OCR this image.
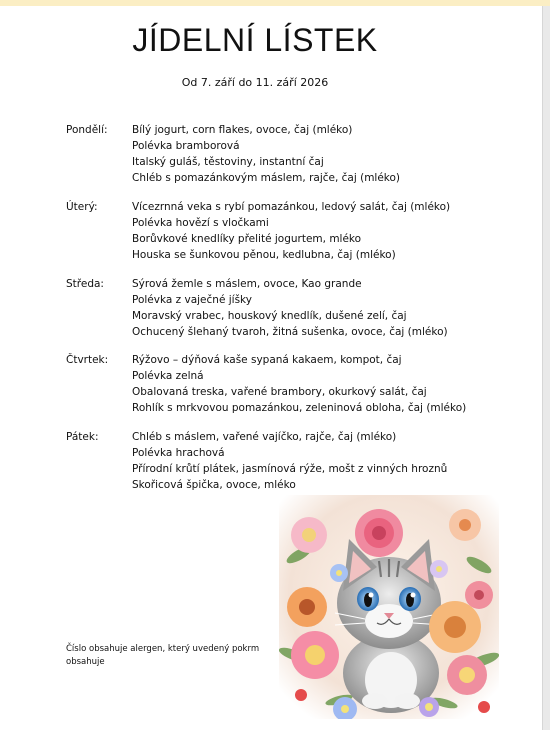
JÍDELNÍ LÍSTEK
Od 7. září do 11. září 2026
Pondělí:	Bílý jogurt, corn flakes, ovoce, čaj (mléko)
Polévka bramborová
Italský guláš, těstoviny, instantní čaj
Chléb s pomazánkovým máslem, rajče, čaj (mléko)
Úterý:	Vícezrnná veka s rybí pomazánkou, ledový salát, čaj (mléko)
Polévka hovězí s vločkami
Borůvkové knedlíky přelité jogurtem, mléko
Houska se šunkovou pěnou, kedlubna, čaj (mléko)
Středa:	Sýrová žemle s máslem, ovoce, Kao grande
Polévka z vaječné jíšky
Moravský vrabec, houskový knedlík, dušené zelí, čaj
Ochucený šlehaný tvaroh, žitná sušenka, ovoce, čaj (mléko)
Čtvrtek:	Rýžovo – dýňová kaše sypaná kakaem, kompot, čaj
Polévka zelná
Obalovaná treska, vařené brambory, okurkový salát, čaj
Rohlík s mrkvovou pomazánkou, zeleninová obloha, čaj (mléko)
Pátek:	Chléb s máslem, vařené vajíčko, rajče, čaj (mléko)
Polévka hrachová
Přírodní krůtí plátek, jasmínová rýže, mošt z vinných hroznů
Skořicová špička, ovoce, mléko
Číslo obsahuje alergen, který uvedený pokrm obsahuje
